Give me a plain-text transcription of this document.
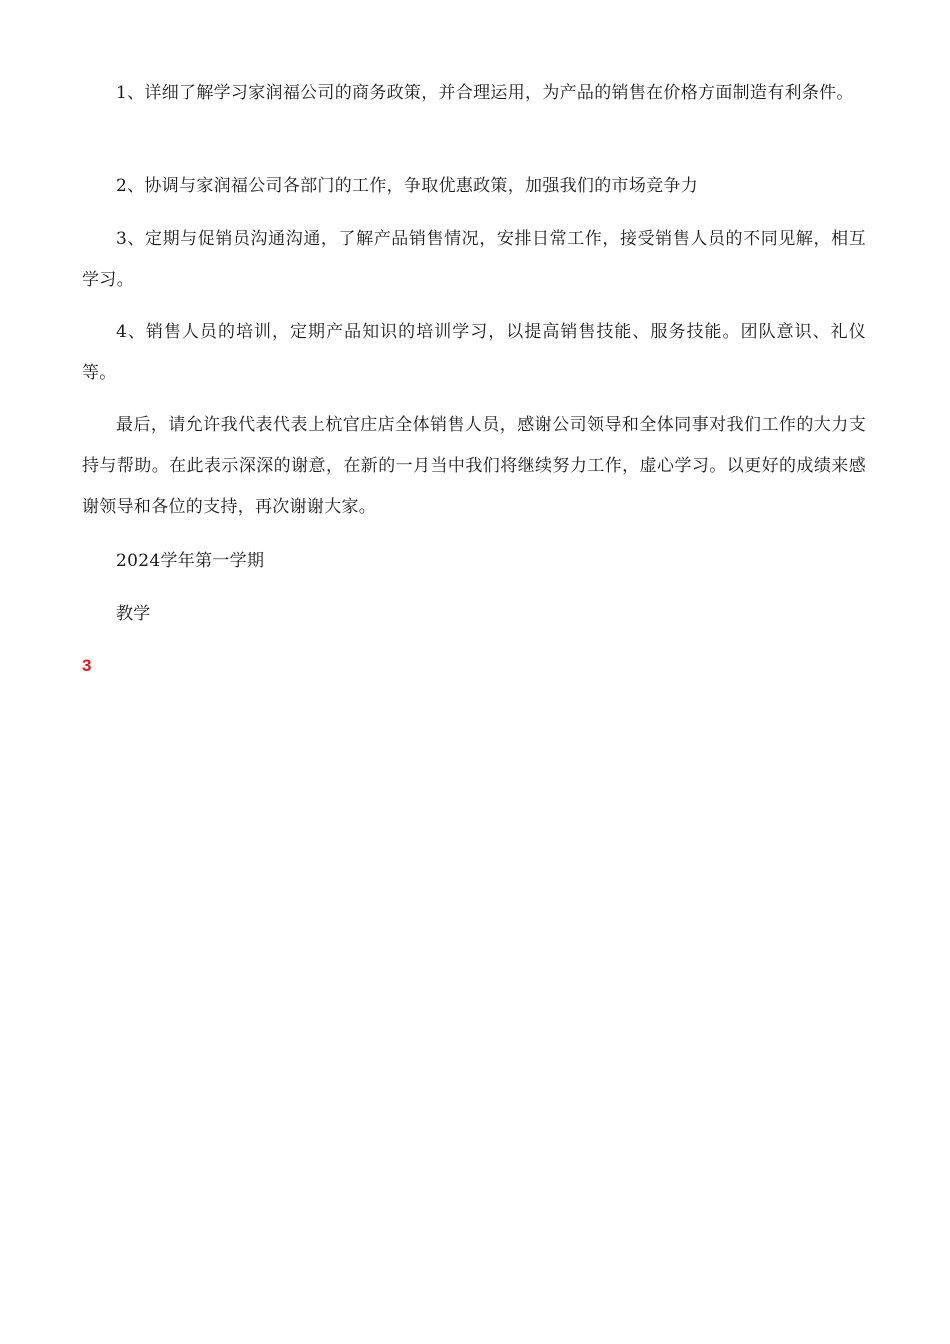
1、详细了解学习家润福公司的商务政策，并合理运用，为产品的销售在价格方面制造有利条件。

2、协调与家润福公司各部门的工作，争取优惠政策，加强我们的市场竞争力

3、定期与促销员沟通沟通，了解产品销售情况，安排日常工作，接受销售人员的不同见解，相互学习。

4、销售人员的培训，定期产品知识的培训学习，以提高销售技能、服务技能。团队意识、礼仪等。

最后，请允许我代表代表上杭官庄店全体销售人员，感谢公司领导和全体同事对我们工作的大力支持与帮助。在此表示深深的谢意，在新的一月当中我们将继续努力工作，虚心学习。以更好的成绩来感谢领导和各位的支持，再次谢谢大家。

2024学年第一学期

教学

3
